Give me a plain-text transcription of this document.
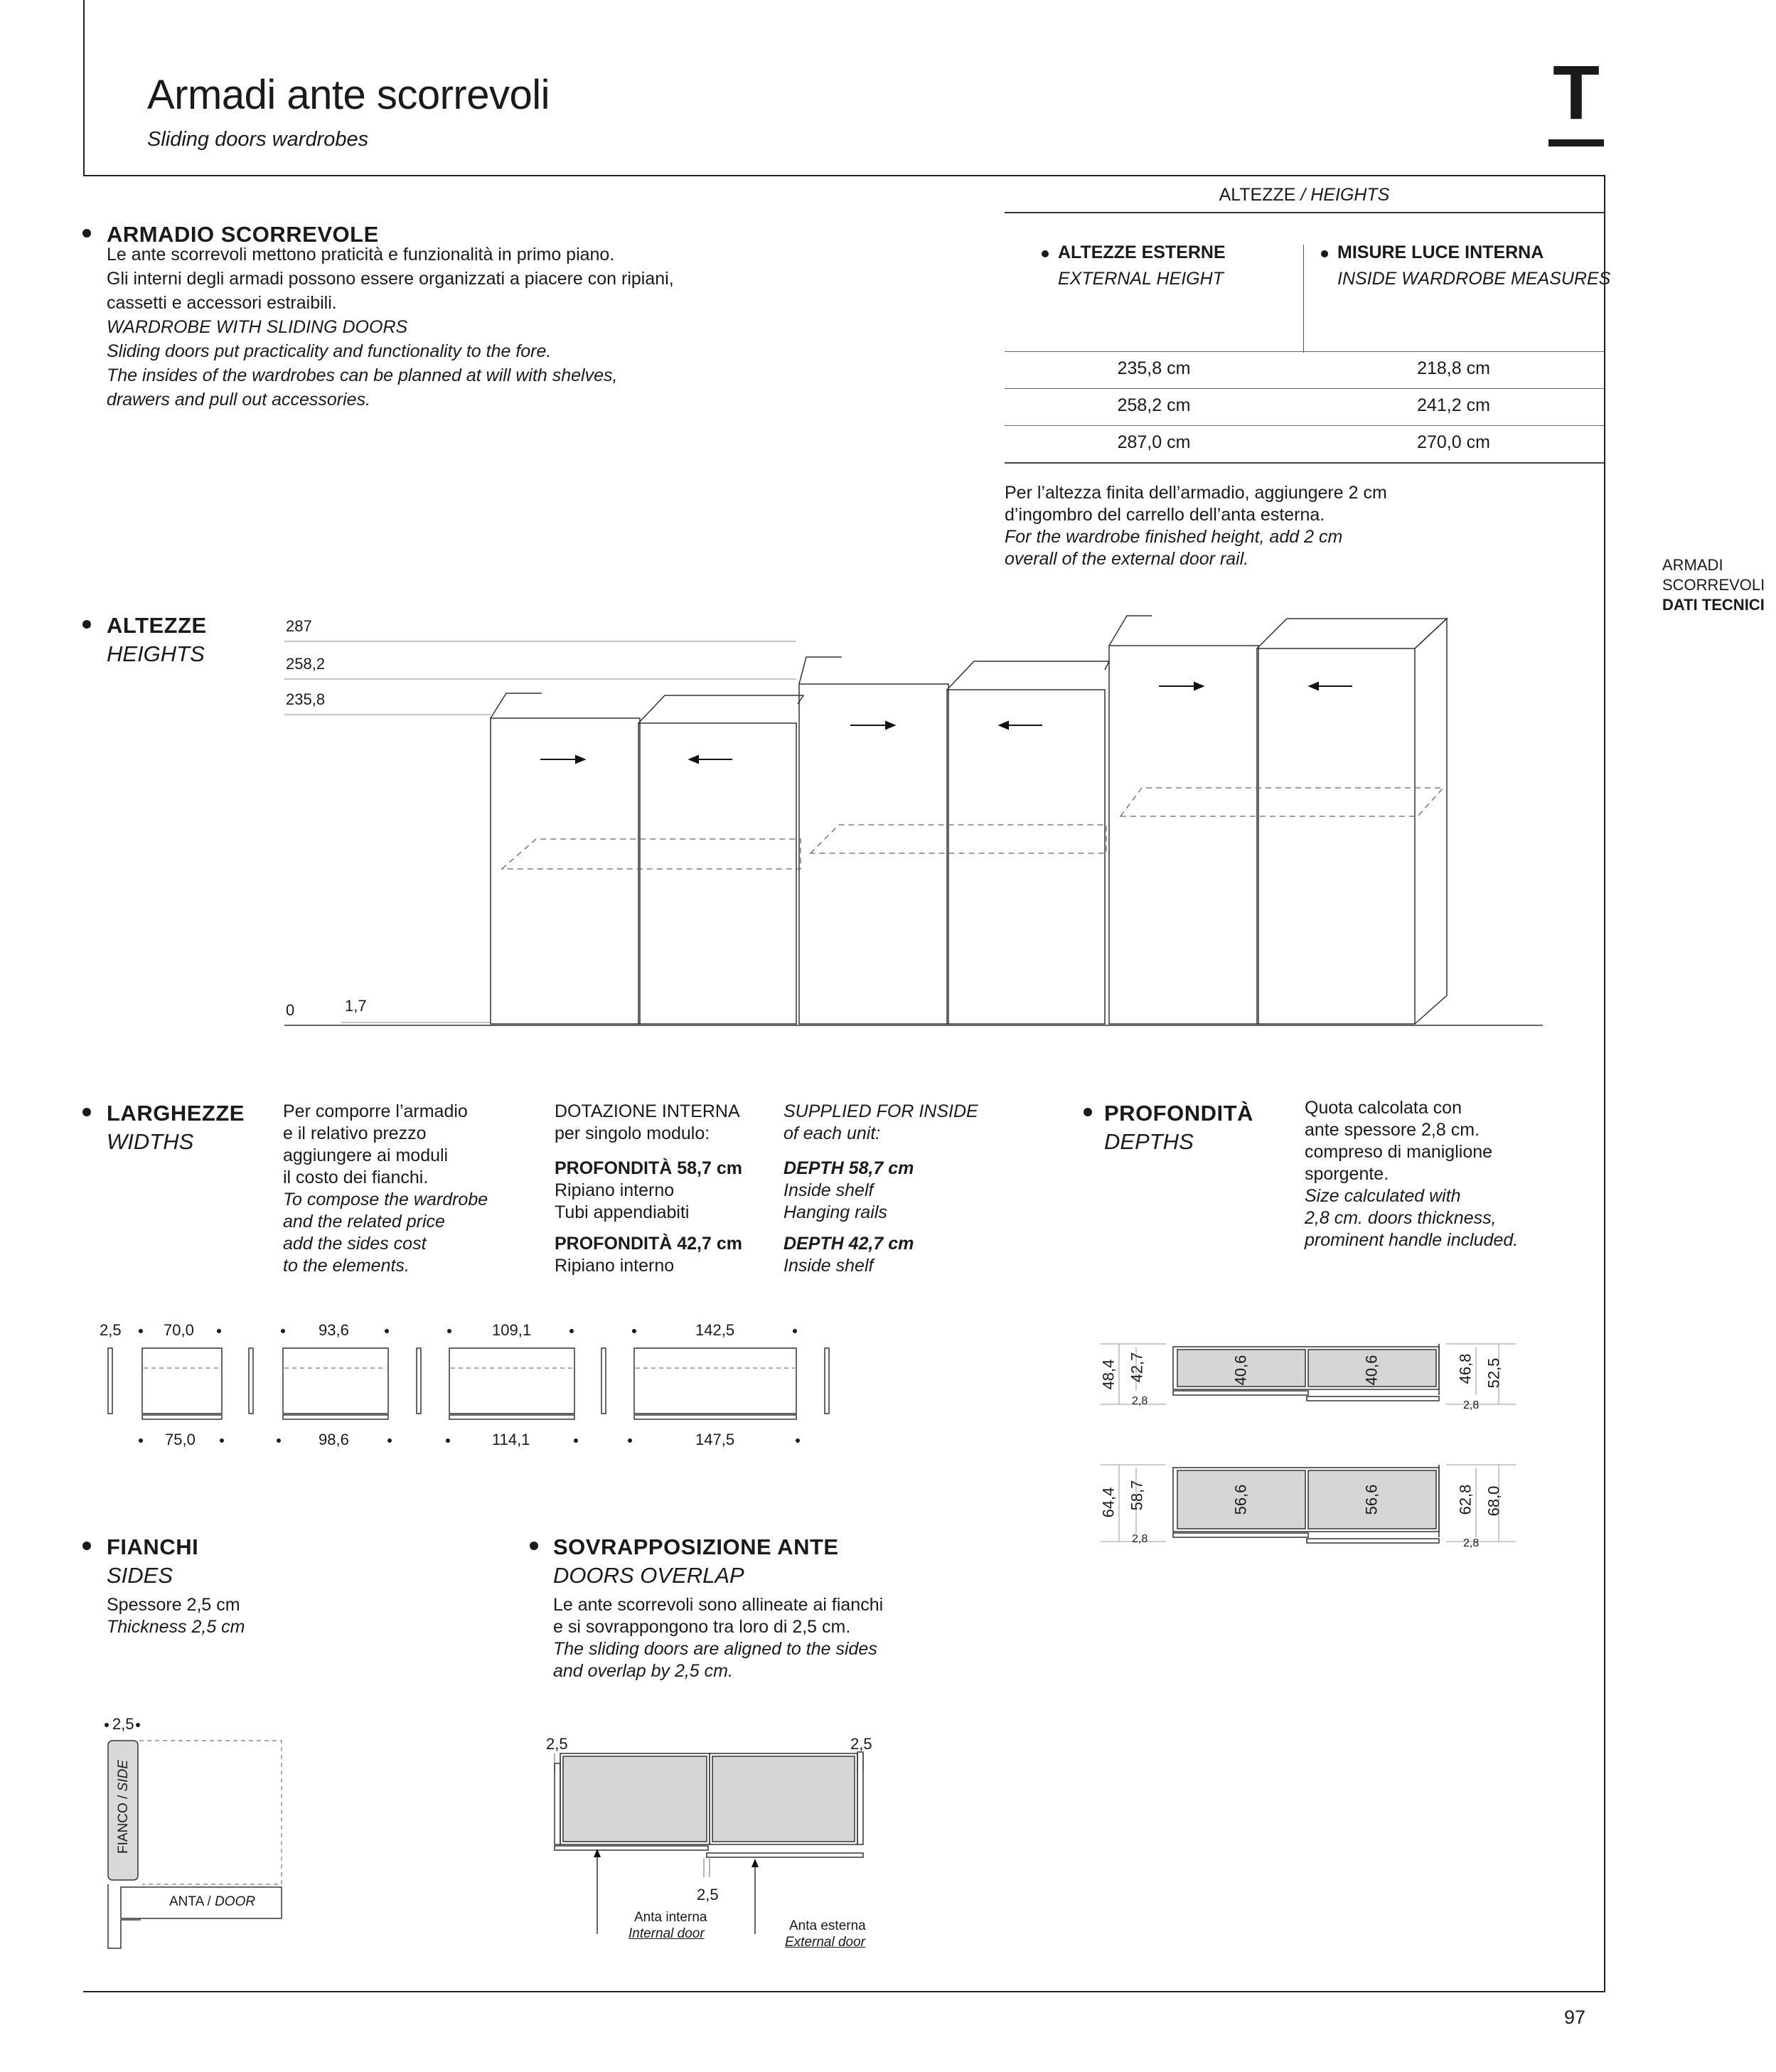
Armadi ante scorrevoli
Sliding doors wardrobes
T
ARMADI
SCORREVOLI
DATI TECNICI
ARMADIO SCORREVOLE
Le ante scorrevoli mettono praticità e funzionalità in primo piano.
Gli interni degli armadi possono essere organizzati a piacere con ripiani,
cassetti e accessori estraibili.
WARDROBE WITH SLIDING DOORS
Sliding doors put practicality and functionality to the fore.
The insides of the wardrobes can be planned at will with shelves,
drawers and pull out accessories.
ALTEZZE / HEIGHTS
ALTEZZE ESTERNE
EXTERNAL HEIGHT
MISURE LUCE INTERNA
INSIDE WARDROBE MEASURES
235,8 cm	218,8 cm
258,2 cm	241,2 cm
287,0 cm	270,0 cm
Per l’altezza finita dell’armadio, aggiungere 2 cm
d’ingombro del carrello dell’anta esterna.
For the wardrobe finished height, add 2 cm
overall of the external door rail.
ALTEZZE
HEIGHTS
287
258,2
235,8
0	1,7
LARGHEZZE
WIDTHS
Per comporre l’armadio
e il relativo prezzo
aggiungere ai moduli
il costo dei fianchi.
To compose the wardrobe
and the related price
add the sides cost
to the elements.
DOTAZIONE INTERNA
per singolo modulo:
PROFONDITÀ 58,7 cm
Ripiano interno
Tubi appendiabiti
PROFONDITÀ 42,7 cm
Ripiano interno
SUPPLIED FOR INSIDE
of each unit:
DEPTH 58,7 cm
Inside shelf
Hanging rails
DEPTH 42,7 cm
Inside shelf
2,5	70,0	93,6	109,1	142,5
75,0	98,6	114,1	147,5
PROFONDITÀ
DEPTHS
Quota calcolata con
ante spessore 2,8 cm.
compreso di maniglione
sporgente.
Size calculated with
2,8 cm. doors thickness,
prominent handle included.
48,4 42,7	40,6	40,6	46,8 52,5
2,8	2,8
64,4 58,7	56,6	56,6	62,8 68,0
2,8	2,8
FIANCHI
SIDES
Spessore 2,5 cm
Thickness 2,5 cm
2,5
FIANCO / SIDE
ANTA / DOOR
SOVRAPPOSIZIONE ANTE
DOORS OVERLAP
Le ante scorrevoli sono allineate ai fianchi
e si sovrappongono tra loro di 2,5 cm.
The sliding doors are aligned to the sides
and overlap by 2,5 cm.
2,5	2,5
2,5
Anta interna
Internal door
Anta esterna
External door
97
